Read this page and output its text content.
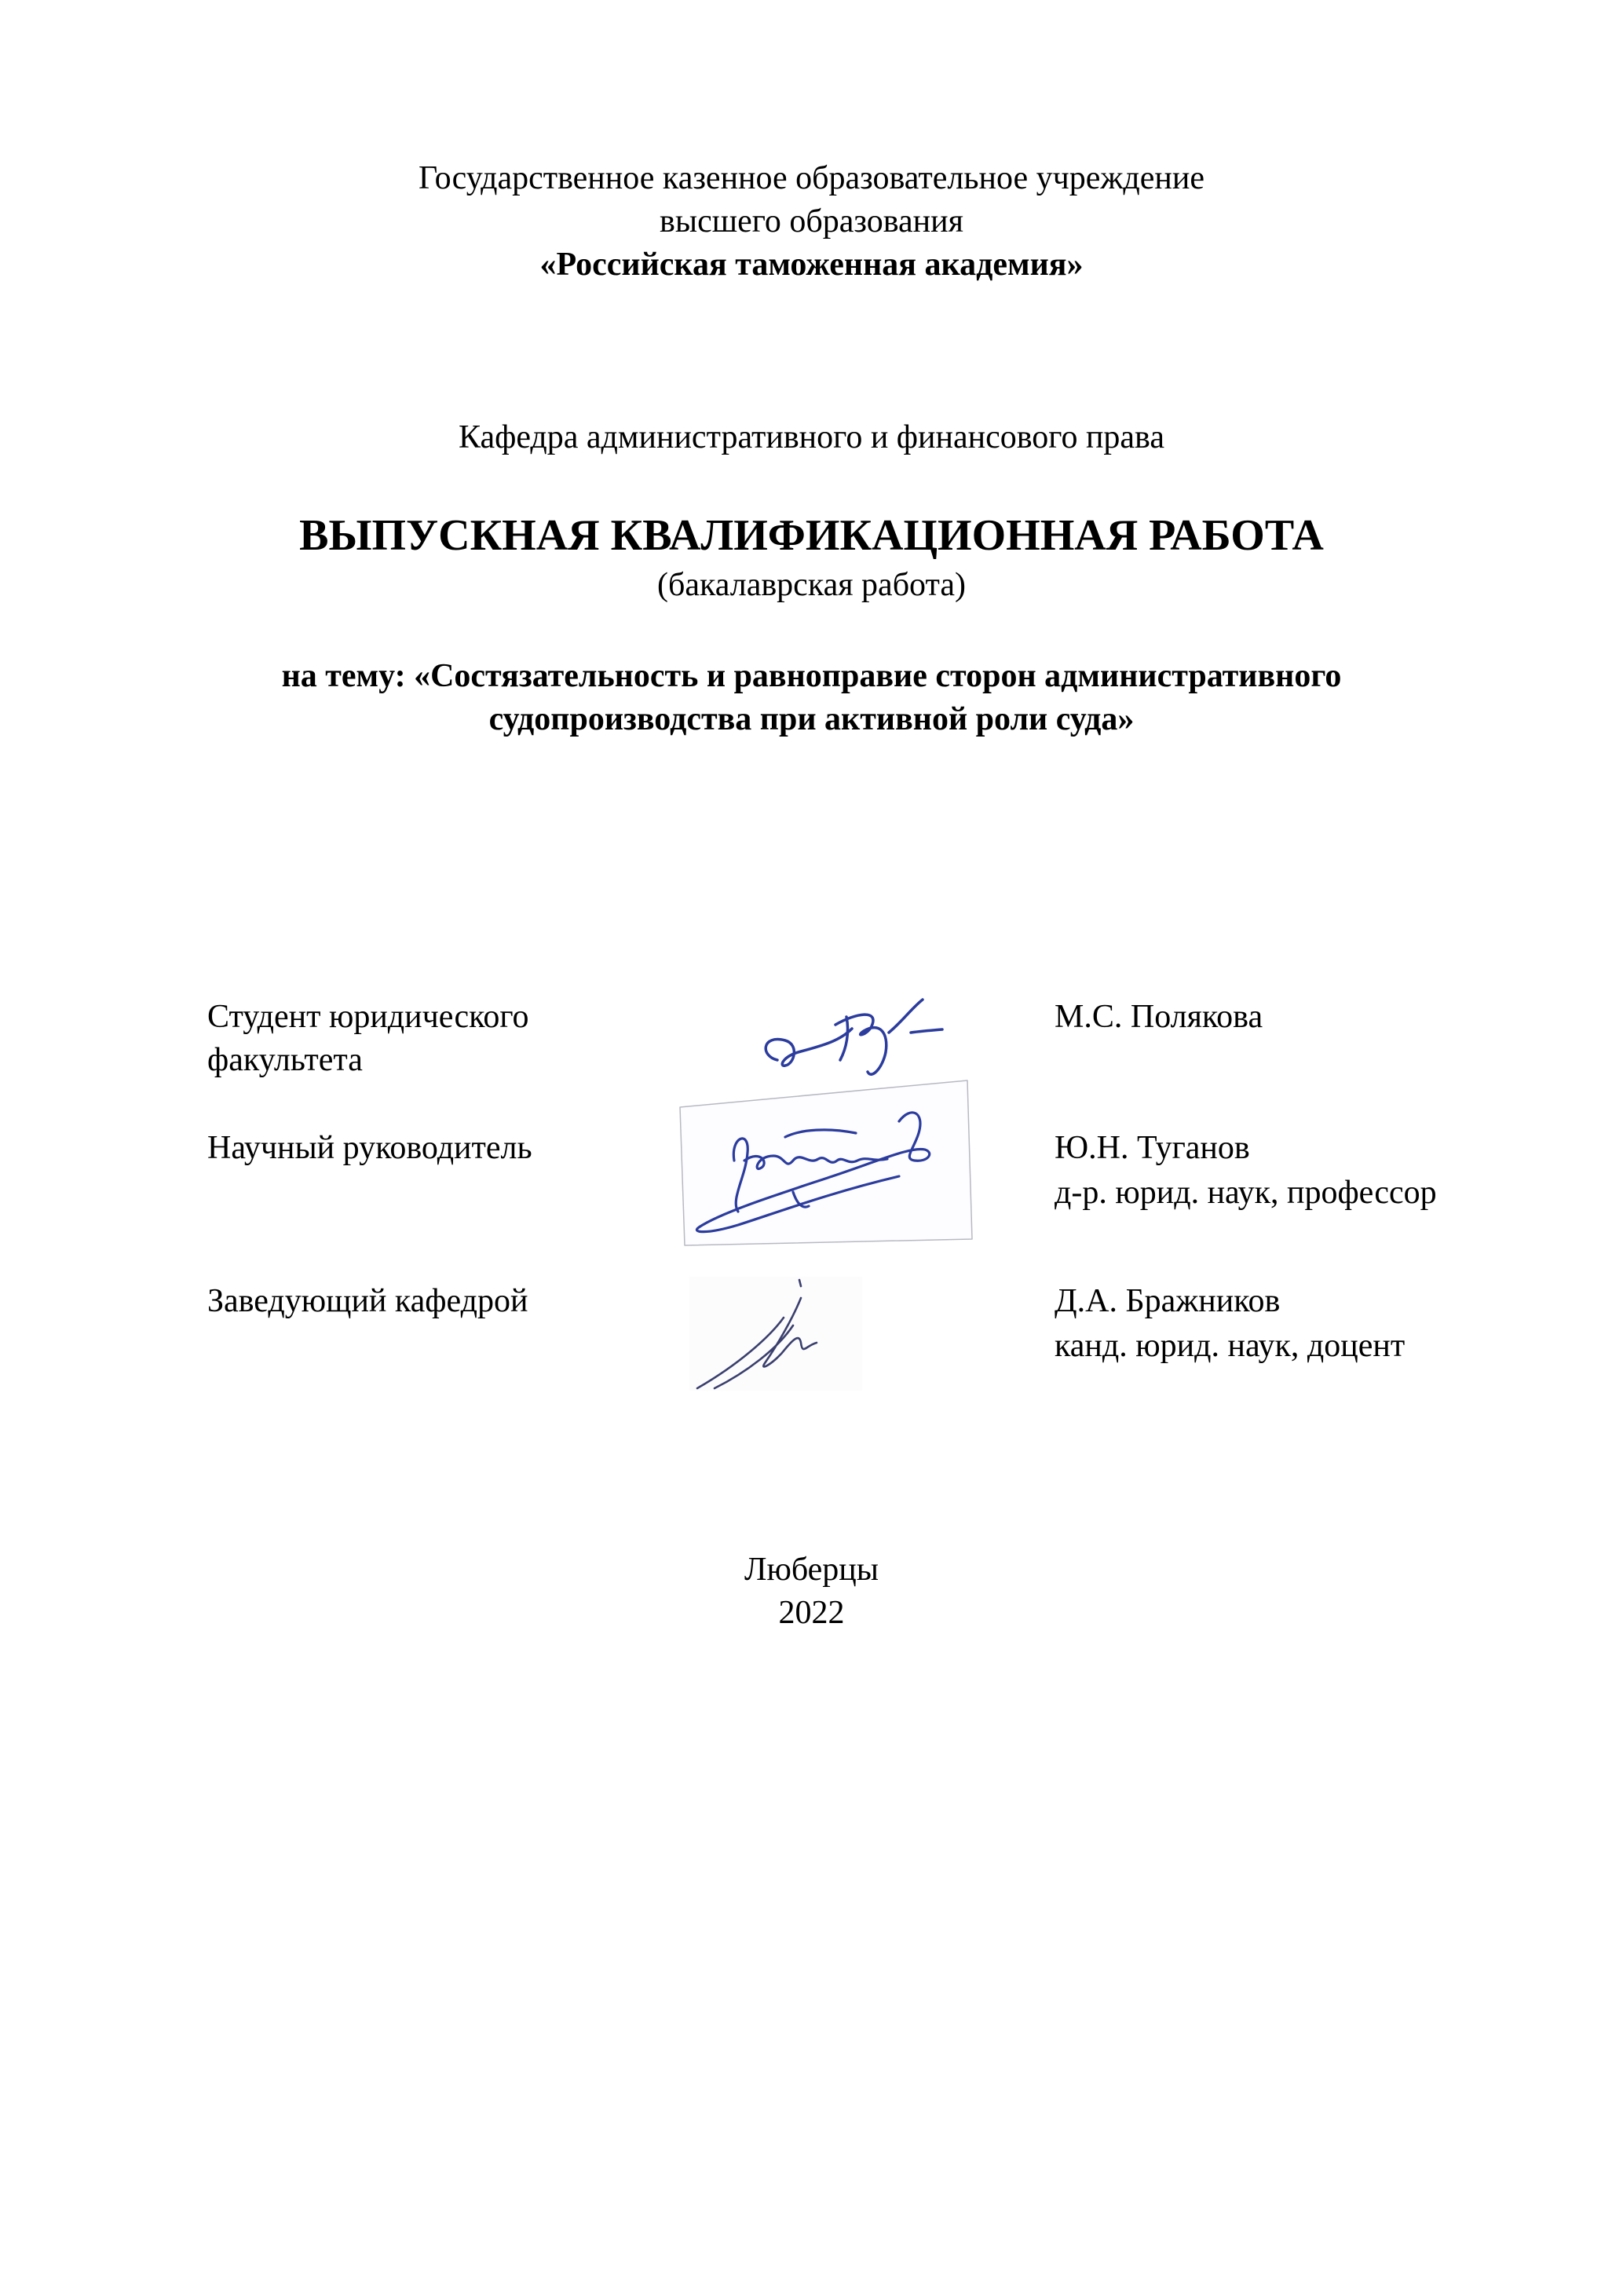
Государственное казенное образовательное учреждение
высшего образования
«Российская таможенная академия»
Кафедра административного и финансового права
ВЫПУСКНАЯ КВАЛИФИКАЦИОННАЯ РАБОТА
(бакалаврская работа)
на тему: «Состязательность и равноправие сторон административного
судопроизводства при активной роли суда»
Студент юридического
факультета
М.С. Полякова
Научный руководитель	Ю.Н. Туганов
д-р. юрид. наук, профессор
Заведующий кафедрой	Д.А. Бражников
канд. юрид. наук, доцент
Люберцы
2022
